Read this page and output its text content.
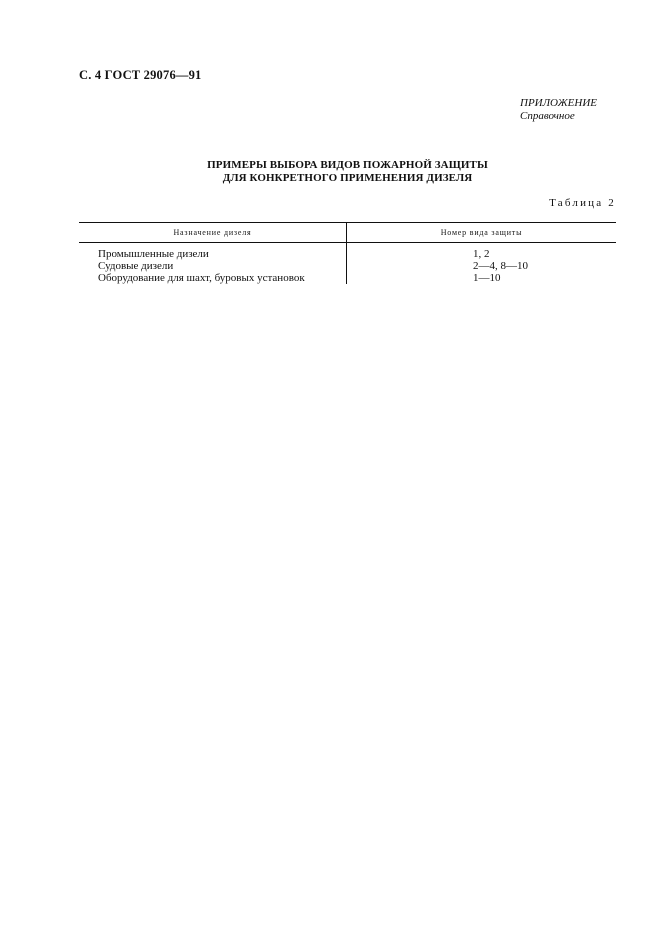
С. 4 ГОСТ 29076—91
ПРИЛОЖЕНИЕ
Справочное
ПРИМЕРЫ ВЫБОРА ВИДОВ ПОЖАРНОЙ ЗАЩИТЫ
ДЛЯ КОНКРЕТНОГО ПРИМЕНЕНИЯ ДИЗЕЛЯ
Таблица 2
Назначение дизеля	Номер вида защиты
Промышленные дизели	1, 2
Судовые дизели	2—4, 8—10
Оборудование для шахт, буровых установок	1—10
